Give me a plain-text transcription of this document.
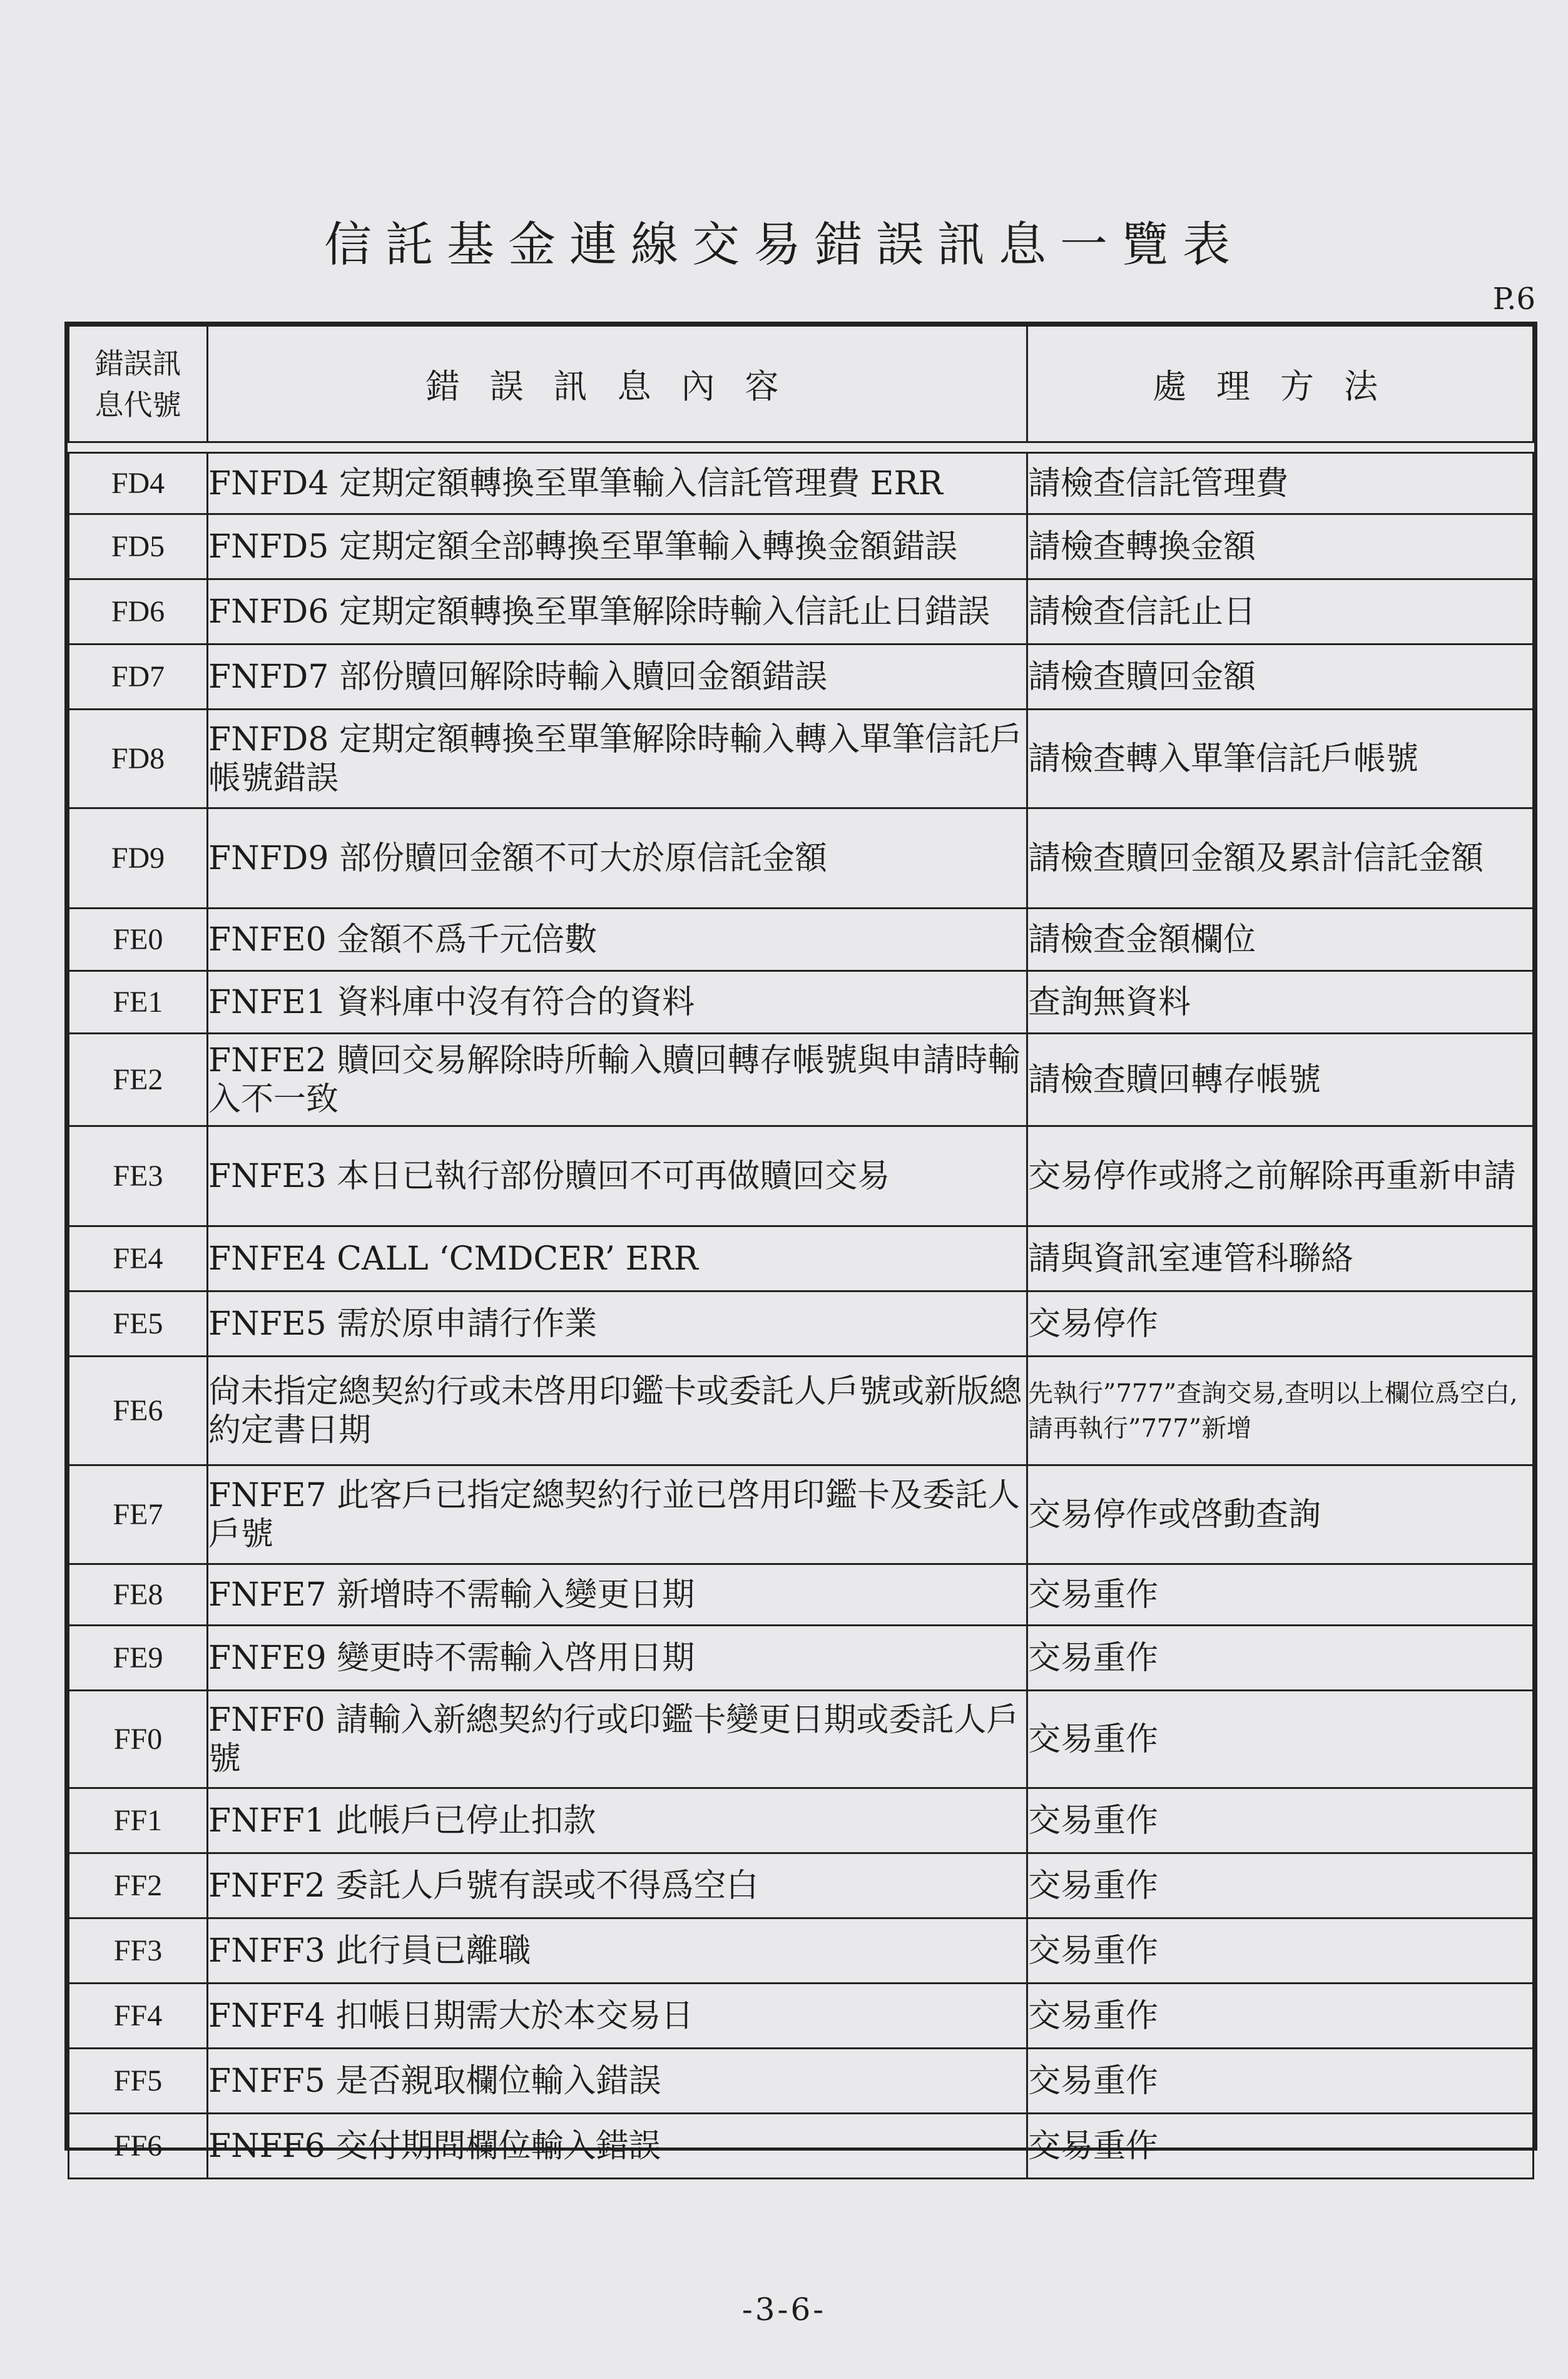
信託基金連線交易錯誤訊息一覽表
P.6
錯誤訊
息代號	錯誤訊息內容	處理方法

FD4	FNFD4 定期定額轉換至單筆輸入信託管理費 ERR	請檢查信託管理費
FD5	FNFD5 定期定額全部轉換至單筆輸入轉換金額錯誤	請檢查轉換金額
FD6	FNFD6 定期定額轉換至單筆解除時輸入信託止日錯誤	請檢查信託止日
FD7	FNFD7 部份贖回解除時輸入贖回金額錯誤	請檢查贖回金額
FD8	FNFD8 定期定額轉換至單筆解除時輸入轉入單筆信託戶帳號錯誤	請檢查轉入單筆信託戶帳號
FD9	FNFD9 部份贖回金額不可大於原信託金額	請檢查贖回金額及累計信託金額
FE0	FNFE0 金額不爲千元倍數	請檢查金額欄位
FE1	FNFE1 資料庫中沒有符合的資料	查詢無資料
FE2	FNFE2 贖回交易解除時所輸入贖回轉存帳號與申請時輸入不一致	請檢查贖回轉存帳號
FE3	FNFE3 本日已執行部份贖回不可再做贖回交易	交易停作或將之前解除再重新申請
FE4	FNFE4 CALL ‘CMDCER’ ERR	請與資訊室連管科聯絡
FE5	FNFE5 需於原申請行作業	交易停作
FE6	尙未指定總契約行或未啓用印鑑卡或委託人戶號或新版總約定書日期	先執行”777”查詢交易,查明以上欄位爲空白,請再執行”777”新增
FE7	FNFE7 此客戶已指定總契約行並已啓用印鑑卡及委託人戶號	交易停作或啓動查詢
FE8	FNFE7 新增時不需輸入變更日期	交易重作
FE9	FNFE9 變更時不需輸入啓用日期	交易重作
FF0	FNFF0 請輸入新總契約行或印鑑卡變更日期或委託人戶號	交易重作
FF1	FNFF1 此帳戶已停止扣款	交易重作
FF2	FNFF2 委託人戶號有誤或不得爲空白	交易重作
FF3	FNFF3 此行員已離職	交易重作
FF4	FNFF4 扣帳日期需大於本交易日	交易重作
FF5	FNFF5 是否親取欄位輸入錯誤	交易重作
FF6	FNFF6 交付期間欄位輸入錯誤	交易重作
-3-6-
